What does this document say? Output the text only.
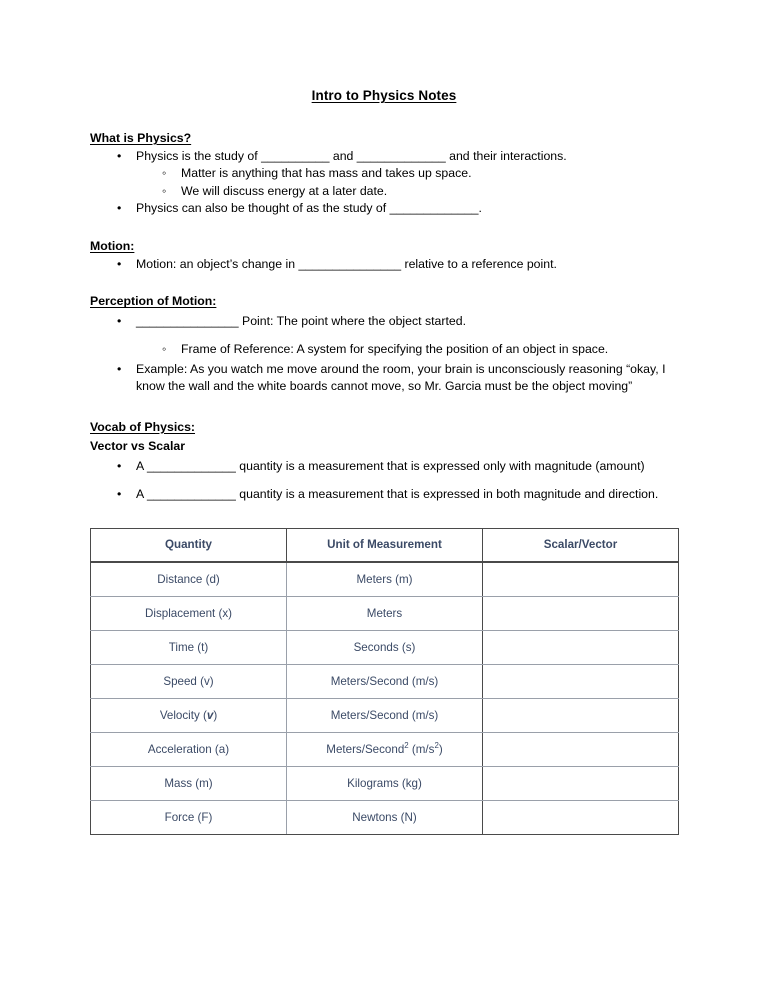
Intro to Physics Notes
What is Physics?
• Physics is the study of __________ and _____________ and their interactions.
◦ Matter is anything that has mass and takes up space.
◦ We will discuss energy at a later date.
• Physics can also be thought of as the study of _____________.
Motion:
• Motion: an object’s change in _______________ relative to a reference point.
Perception of Motion:
• _______________ Point: The point where the object started.
◦ Frame of Reference: A system for specifying the position of an object in space.
• Example: As you watch me move around the room, your brain is unconsciously reasoning “okay, I know the wall and the white boards cannot move, so Mr. Garcia must be the object moving”
Vocab of Physics:
Vector vs Scalar
• A _____________ quantity is a measurement that is expressed only with magnitude (amount)
• A _____________ quantity is a measurement that is expressed in both magnitude and direction.
Quantity	Unit of Measurement	Scalar/Vector
Distance (d)	Meters (m)	
Displacement (x)	Meters	
Time (t)	Seconds (s)	
Speed (v)	Meters/Second (m/s)	
Velocity (v)	Meters/Second (m/s)	
Acceleration (a)	Meters/Second$^2$ $(m/s^2)$	
Mass (m)	Kilograms (kg)	
Force (F)	Newtons (N)	
